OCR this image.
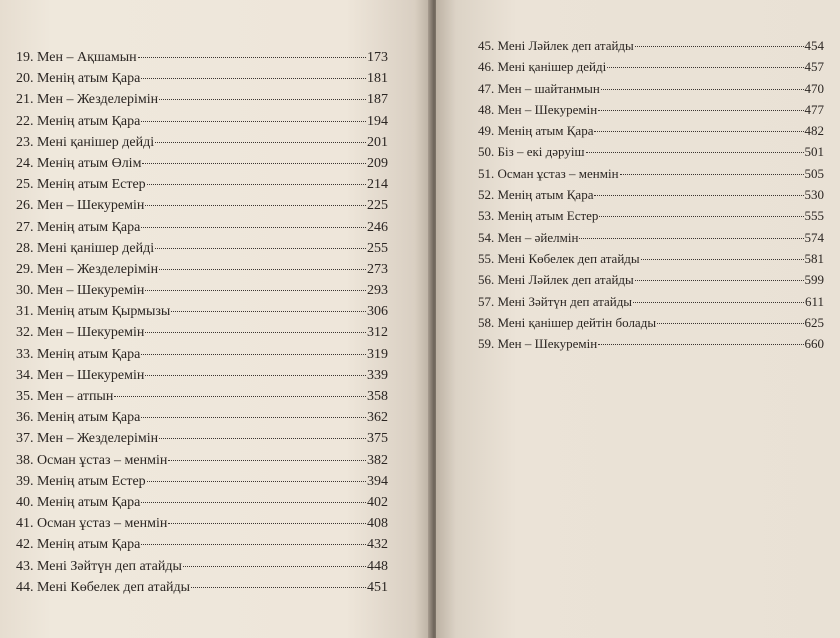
19. Мен – Ақшамын	173
20. Менің атым Қара	181
21. Мен – Жезделерімін	187
22. Менің атым Қара	194
23. Мені қанішер дейді	201
24. Менің атым Өлім	209
25. Менің атым Естер	214
26. Мен – Шекуремін	225
27. Менің атым Қара	246
28. Мені қанішер дейді	255
29. Мен – Жезделерімін	273
30. Мен – Шекуремін	293
31. Менің атым Қырмызы	306
32. Мен – Шекуремін	312
33. Менің атым Қара	319
34. Мен – Шекуремін	339
35. Мен – атпын	358
36. Менің атым Қара	362
37. Мен – Жезделерімін	375
38. Осман ұстаз – менмін	382
39. Менің атым Естер	394
40. Менің атым Қара	402
41. Осман ұстаз – менмін	408
42. Менің атым Қара	432
43. Мені Зәйтүн деп атайды	448
44. Мені Көбелек деп атайды	451
45. Мені Ләйлек деп атайды	454
46. Мені қанішер дейді	457
47. Мен – шайтанмын	470
48. Мен – Шекуремін	477
49. Менің атым Қара	482
50. Біз – екі дәруіш	501
51. Осман ұстаз – менмін	505
52. Менің атым Қара	530
53. Менің атым Естер	555
54. Мен – әйелмін	574
55. Мені Көбелек деп атайды	581
56. Мені Ләйлек деп атайды	599
57. Мені Зәйтүн деп атайды	611
58. Мені қанішер дейтін болады	625
59. Мен – Шекуремін	660
